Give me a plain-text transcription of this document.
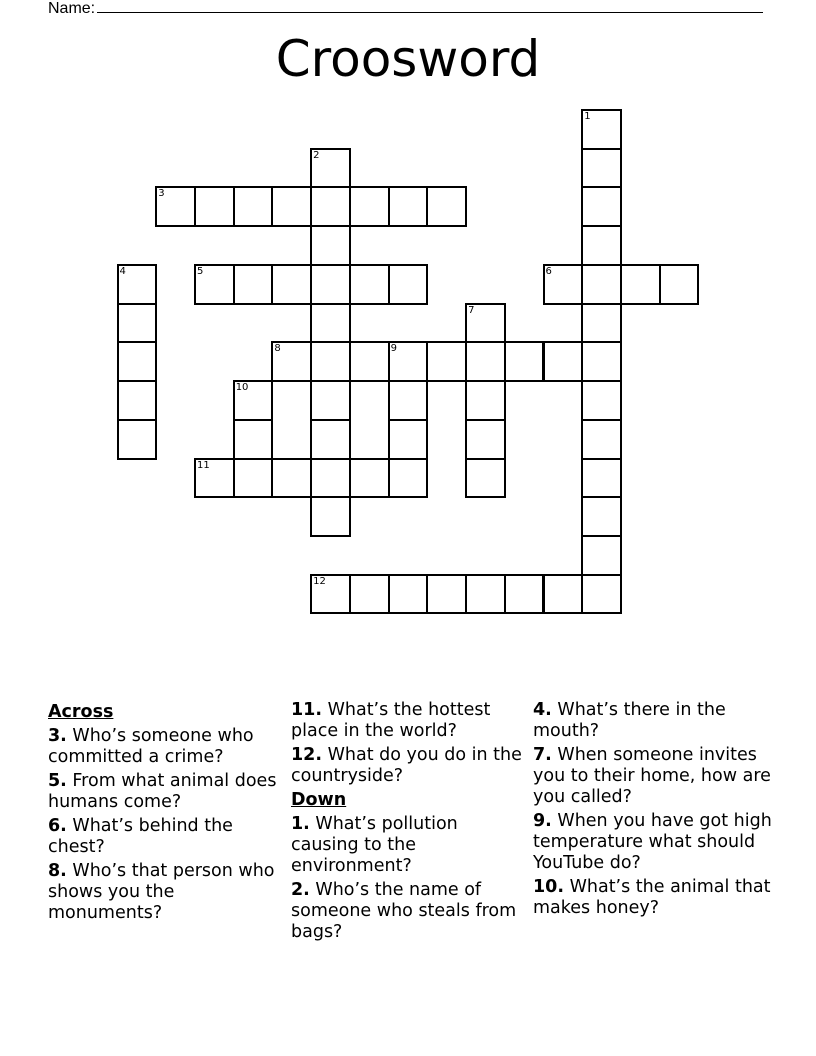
Name:
Croosword
1
2
3
4	5	6
7
8	9
10
11
12
Across
3. Who’s someone who committed a crime?
5. From what animal does humans come?
6. What’s behind the chest?
8. Who’s that person who shows you the monuments?
11. What’s the hottest place in the world?
12. What do you do in the countryside?
Down
1. What’s pollution causing to the environment?
2. Who’s the name of someone who steals from bags?
4. What’s there in the mouth?
7. When someone invites you to their home, how are you called?
9. When you have got high temperature what should YouTube do?
10. What’s the animal that makes honey?
